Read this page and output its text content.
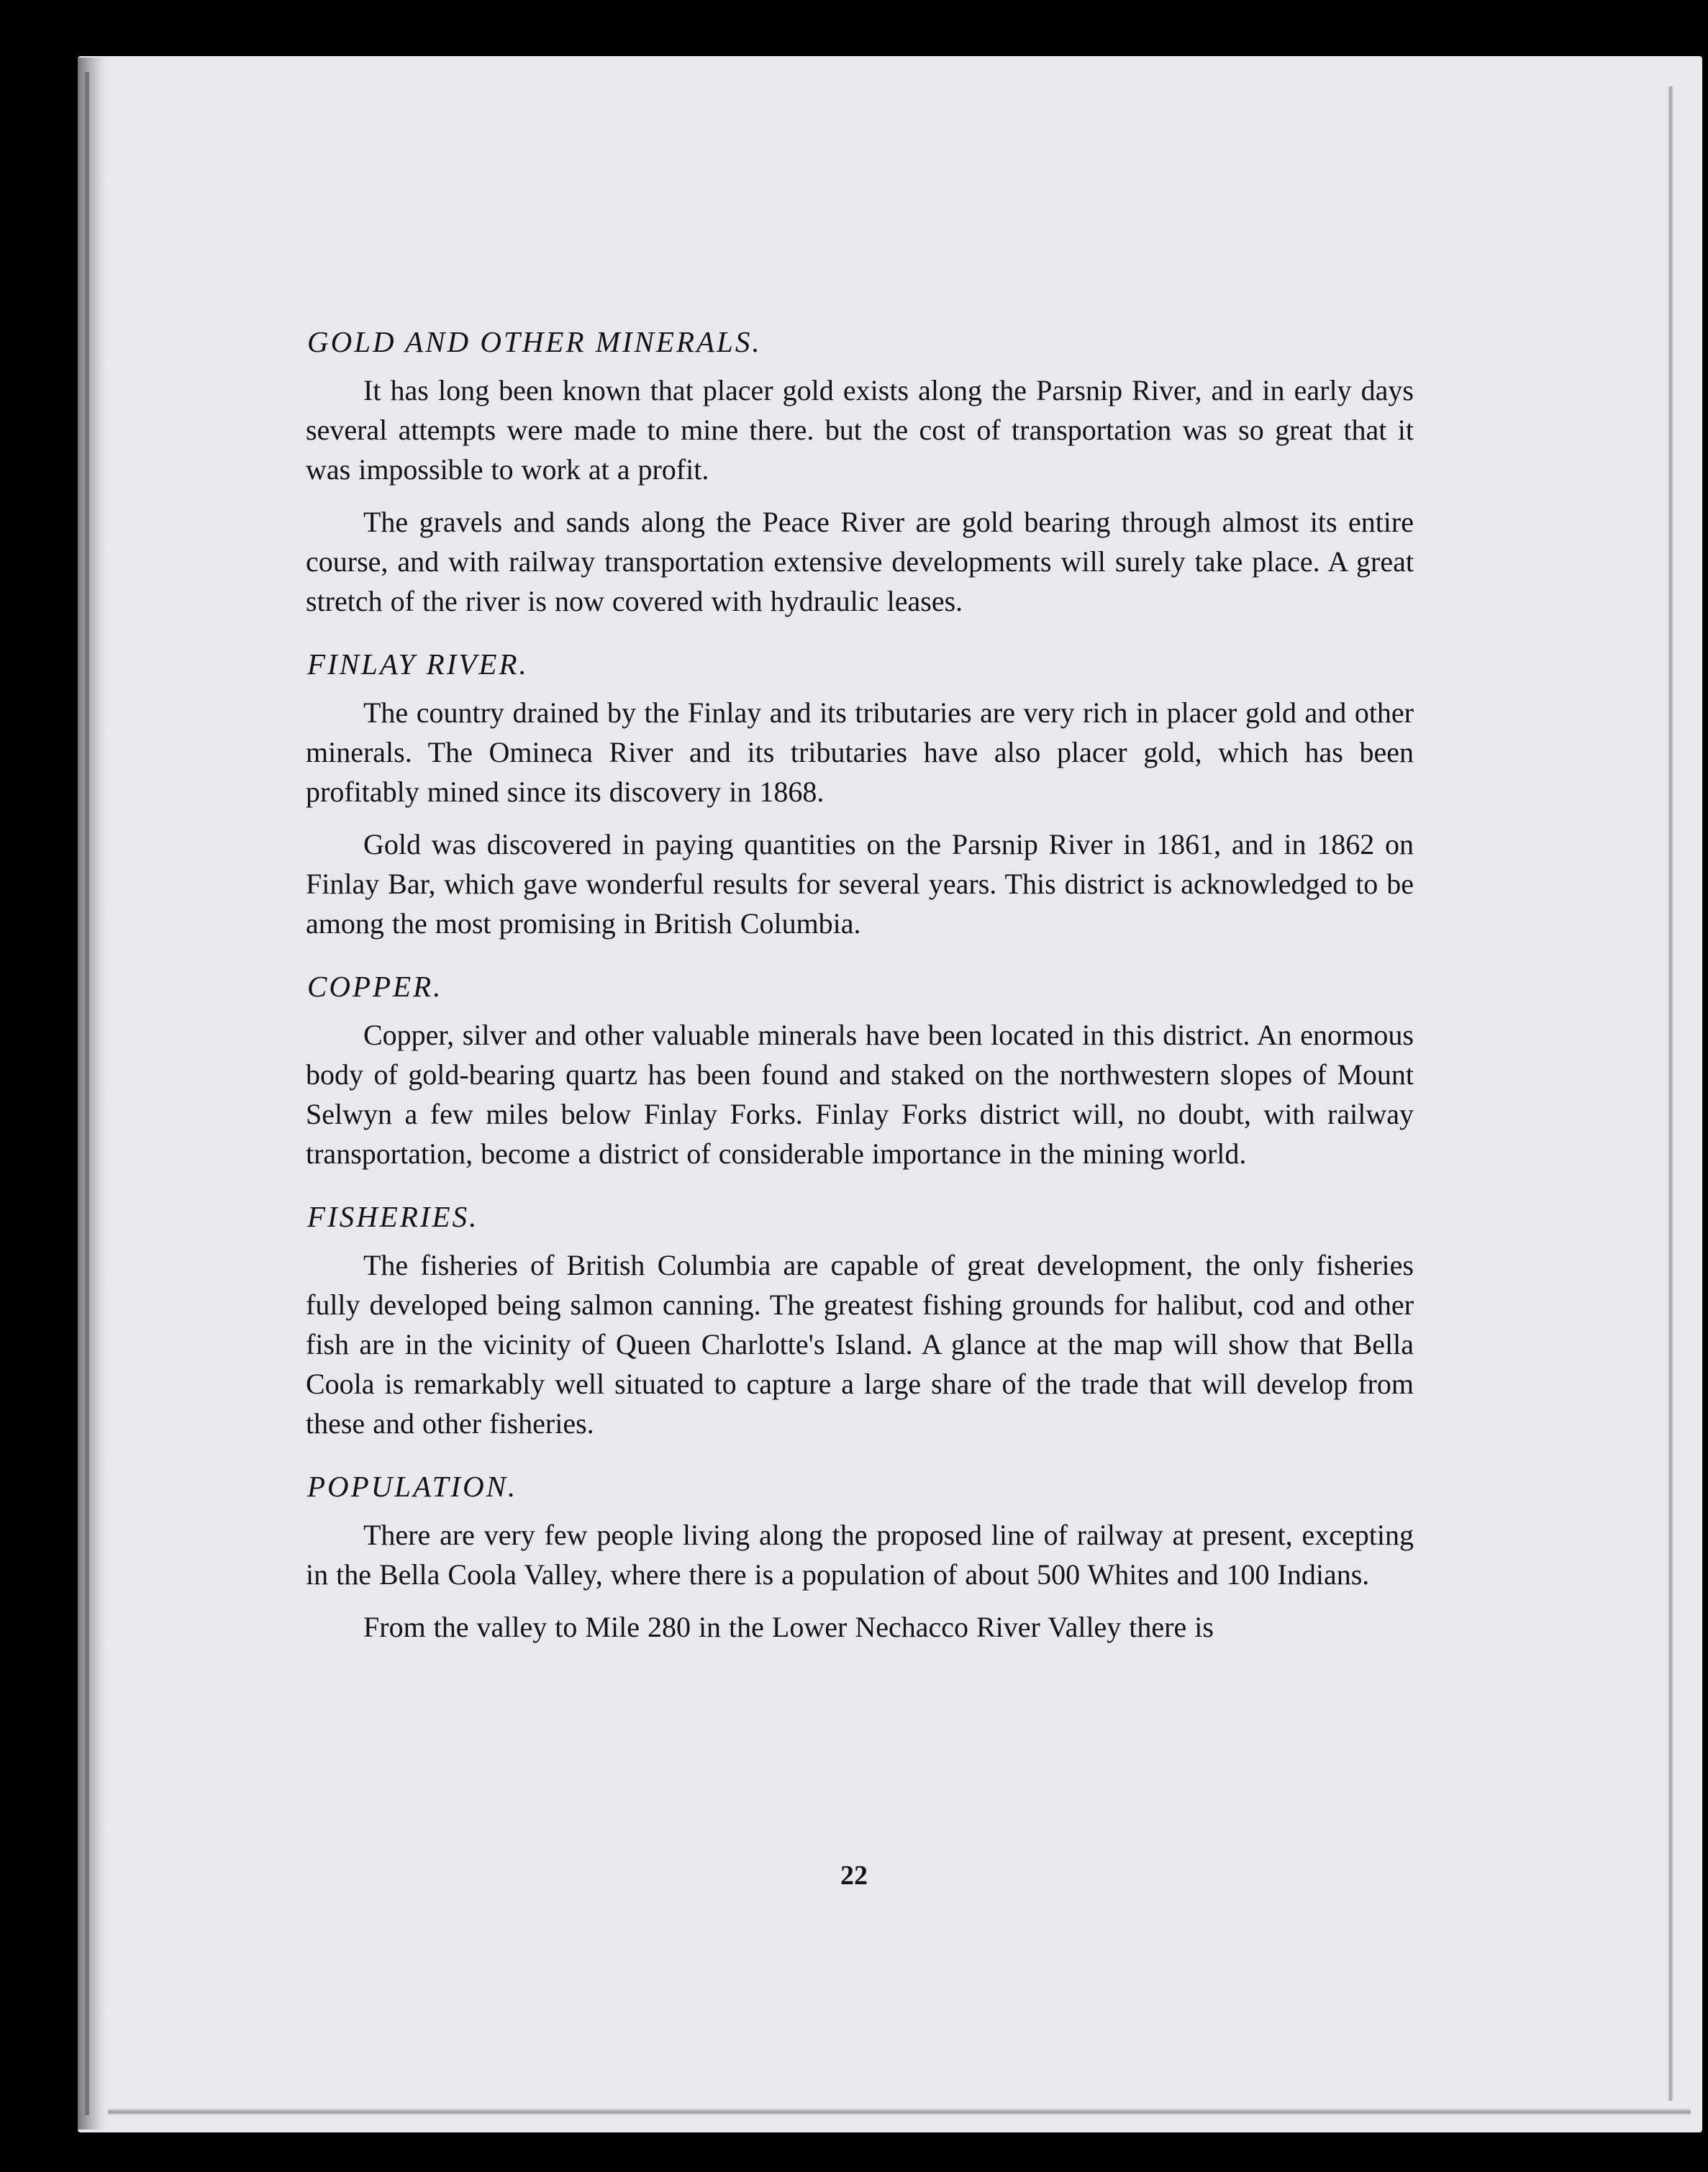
GOLD AND OTHER MINERALS.

It has long been known that placer gold exists along the Parsnip River, and in early days several attempts were made to mine there. but the cost of transportation was so great that it was impossible to work at a profit.

The gravels and sands along the Peace River are gold bearing through almost its entire course, and with railway transportation extensive developments will surely take place. A great stretch of the river is now covered with hydraulic leases.

FINLAY RIVER.

The country drained by the Finlay and its tributaries are very rich in placer gold and other minerals. The Omineca River and its tributaries have also placer gold, which has been profitably mined since its discovery in 1868.

Gold was discovered in paying quantities on the Parsnip River in 1861, and in 1862 on Finlay Bar, which gave wonderful results for several years. This district is acknowledged to be among the most promising in British Columbia.

COPPER.

Copper, silver and other valuable minerals have been located in this district. An enormous body of gold-bearing quartz has been found and staked on the northwestern slopes of Mount Selwyn a few miles below Finlay Forks. Finlay Forks district will, no doubt, with railway transportation, become a district of considerable importance in the mining world.

FISHERIES.

The fisheries of British Columbia are capable of great development, the only fisheries fully developed being salmon canning. The greatest fishing grounds for halibut, cod and other fish are in the vicinity of Queen Charlotte's Island. A glance at the map will show that Bella Coola is remarkably well situated to capture a large share of the trade that will develop from these and other fisheries.

POPULATION.

There are very few people living along the proposed line of railway at present, excepting in the Bella Coola Valley, where there is a population of about 500 Whites and 100 Indians.

From the valley to Mile 280 in the Lower Nechacco River Valley there is

22
